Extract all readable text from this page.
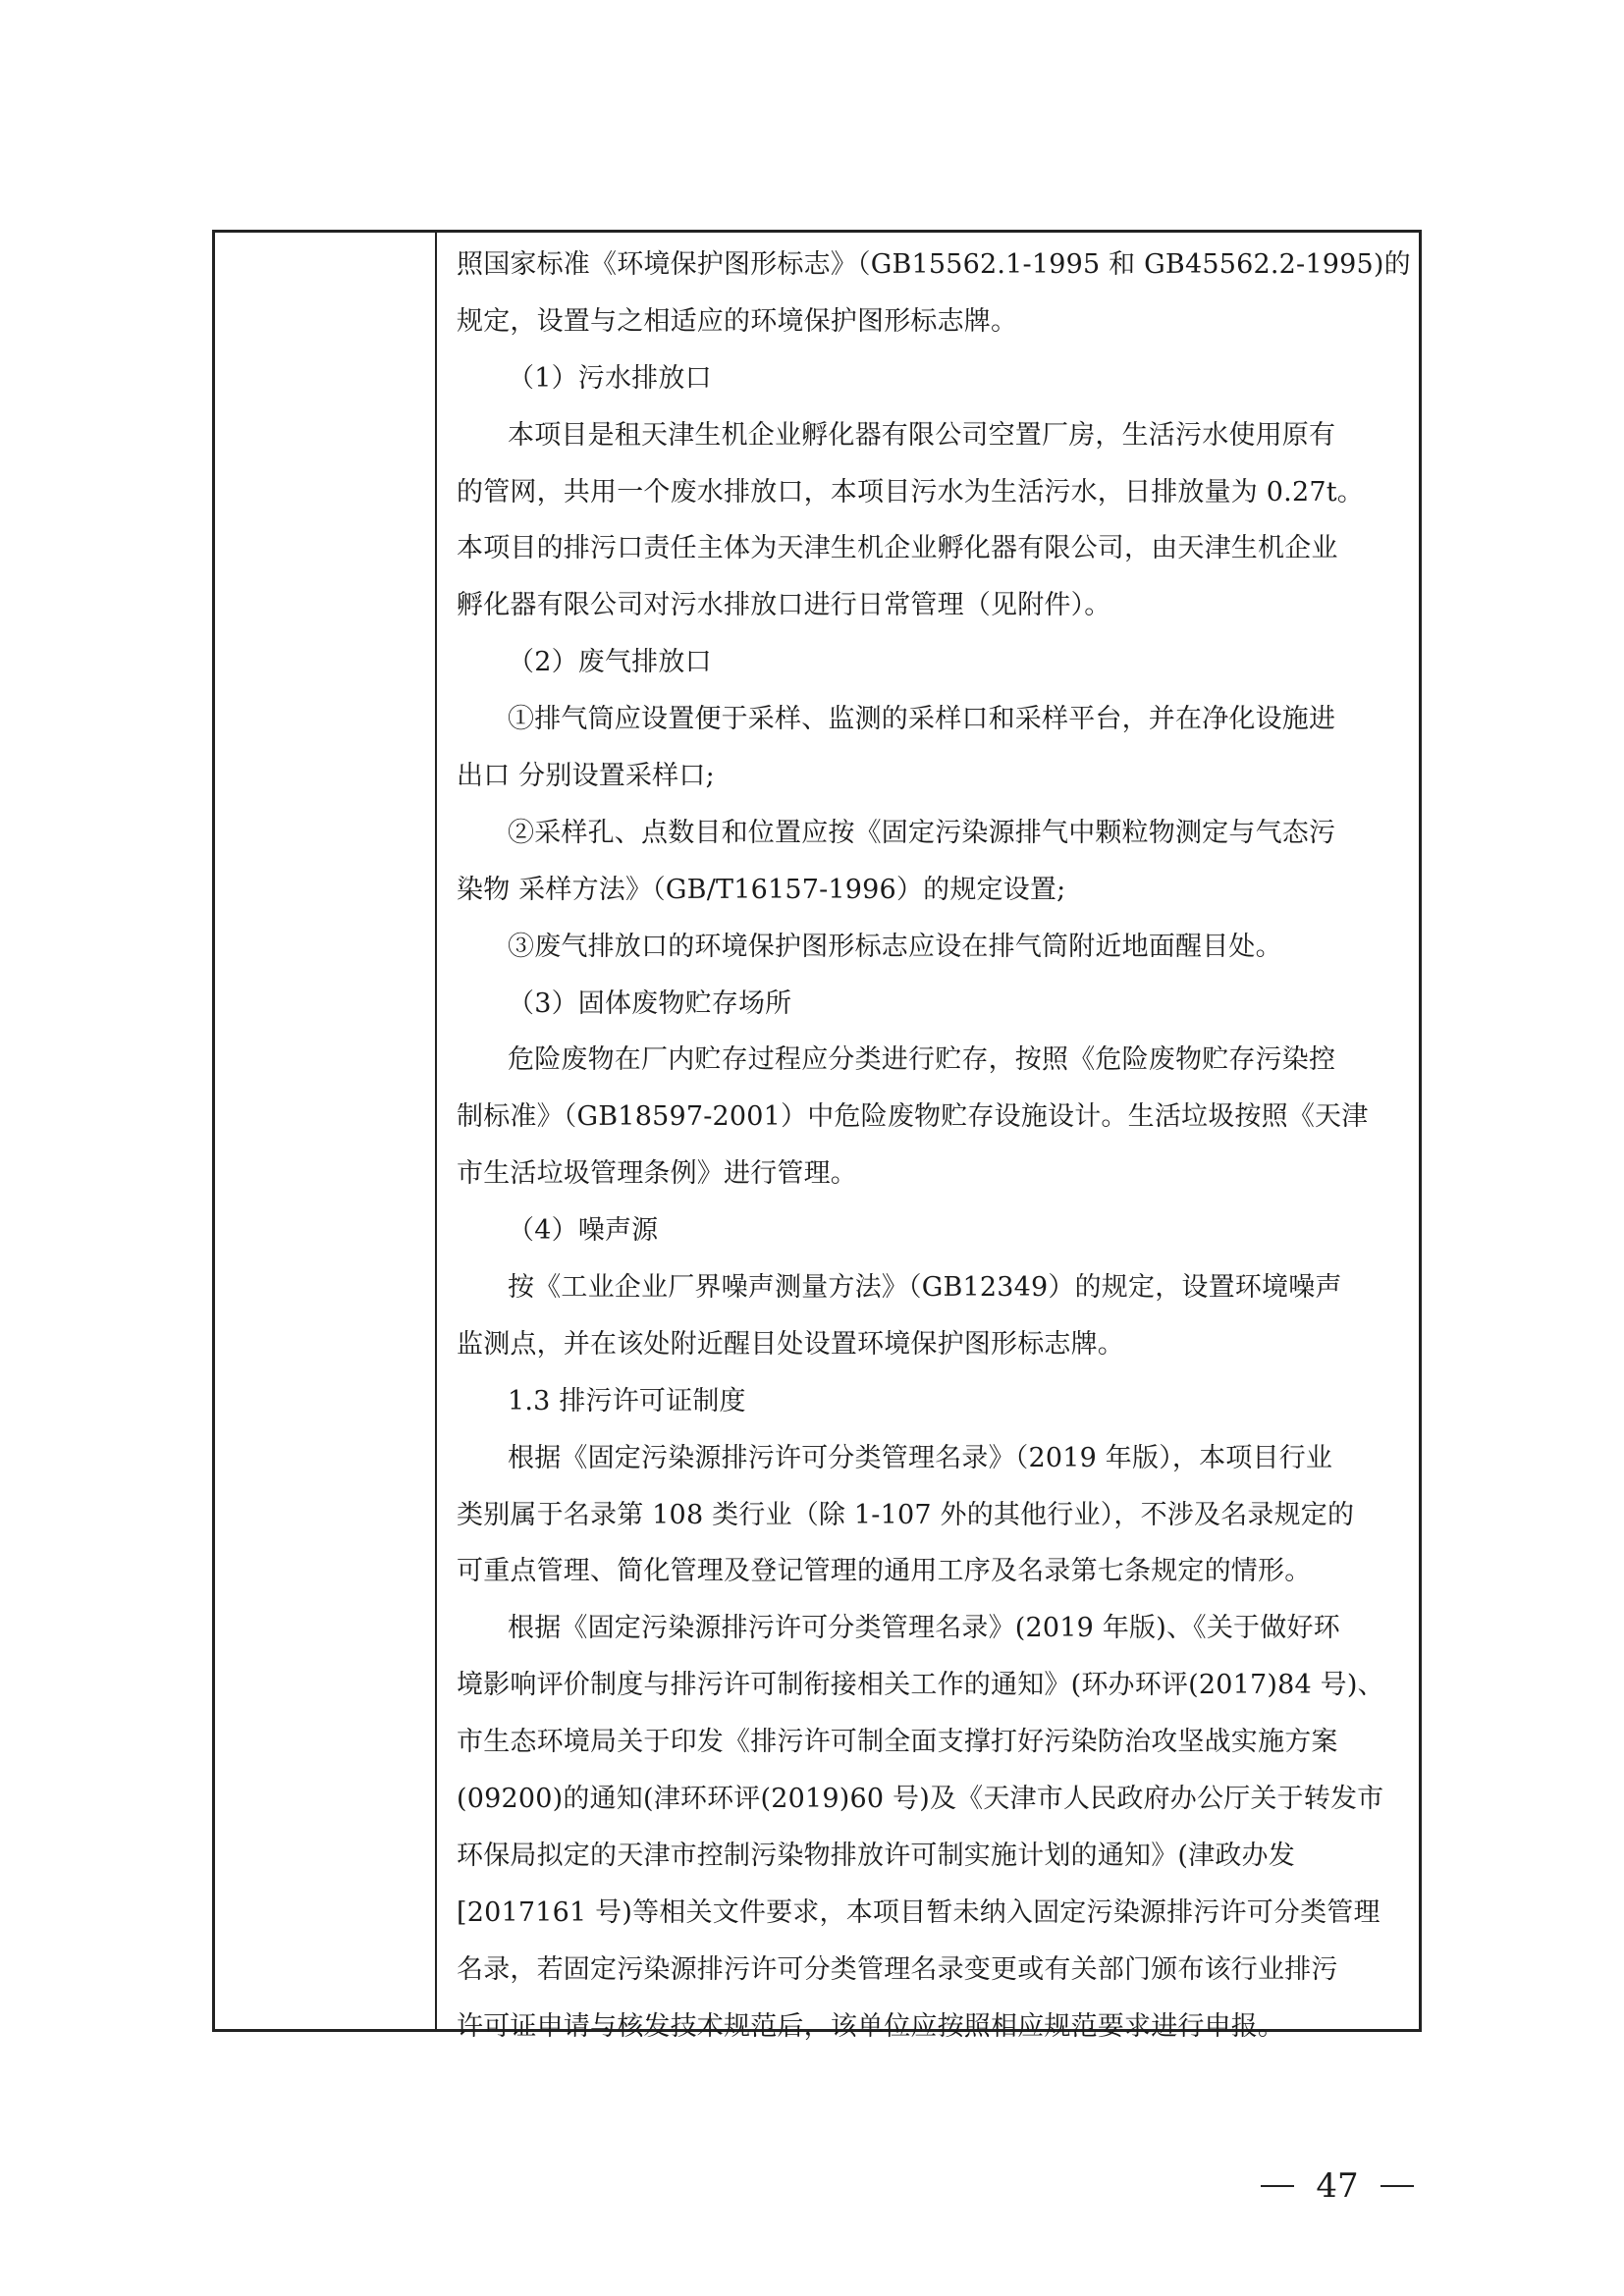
照国家标准《环境保护图形标志》（GB15562.1-1995 和 GB45562.2-1995)的
规定，设置与之相适应的环境保护图形标志牌。
（1）污水排放口
本项目是租天津生机企业孵化器有限公司空置厂房，生活污水使用原有
的管网，共用一个废水排放口，本项目污水为生活污水，日排放量为 0.27t。
本项目的排污口责任主体为天津生机企业孵化器有限公司，由天津生机企业
孵化器有限公司对污水排放口进行日常管理（见附件）。
（2）废气排放口
①排气筒应设置便于采样、监测的采样口和采样平台，并在净化设施进
出口 分别设置采样口;
②采样孔、点数目和位置应按《固定污染源排气中颗粒物测定与气态污
染物 采样方法》（GB/T16157-1996）的规定设置;
③废气排放口的环境保护图形标志应设在排气筒附近地面醒目处。
（3）固体废物贮存场所
危险废物在厂内贮存过程应分类进行贮存，按照《危险废物贮存污染控
制标准》（GB18597-2001）中危险废物贮存设施设计。生活垃圾按照《天津
市生活垃圾管理条例》进行管理。
（4）噪声源
按《工业企业厂界噪声测量方法》（GB12349）的规定，设置环境噪声
监测点，并在该处附近醒目处设置环境保护图形标志牌。
1.3 排污许可证制度
根据《固定污染源排污许可分类管理名录》（2019 年版），本项目行业
类别属于名录第 108 类行业（除 1-107 外的其他行业），不涉及名录规定的
可重点管理、简化管理及登记管理的通用工序及名录第七条规定的情形。
根据《固定污染源排污许可分类管理名录》(2019 年版)、《关于做好环
境影响评价制度与排污许可制衔接相关工作的通知》(环办环评(2017)84 号)、
市生态环境局关于印发《排污许可制全面支撑打好污染防治攻坚战实施方案
(09200)的通知(津环环评(2019)60 号)及《天津市人民政府办公厅关于转发市
环保局拟定的天津市控制污染物排放许可制实施计划的通知》(津政办发
[2017161 号)等相关文件要求，本项目暂未纳入固定污染源排污许可分类管理
名录，若固定污染源排污许可分类管理名录变更或有关部门颁布该行业排污
许可证申请与核发技术规范后，该单位应按照相应规范要求进行申报。
47
